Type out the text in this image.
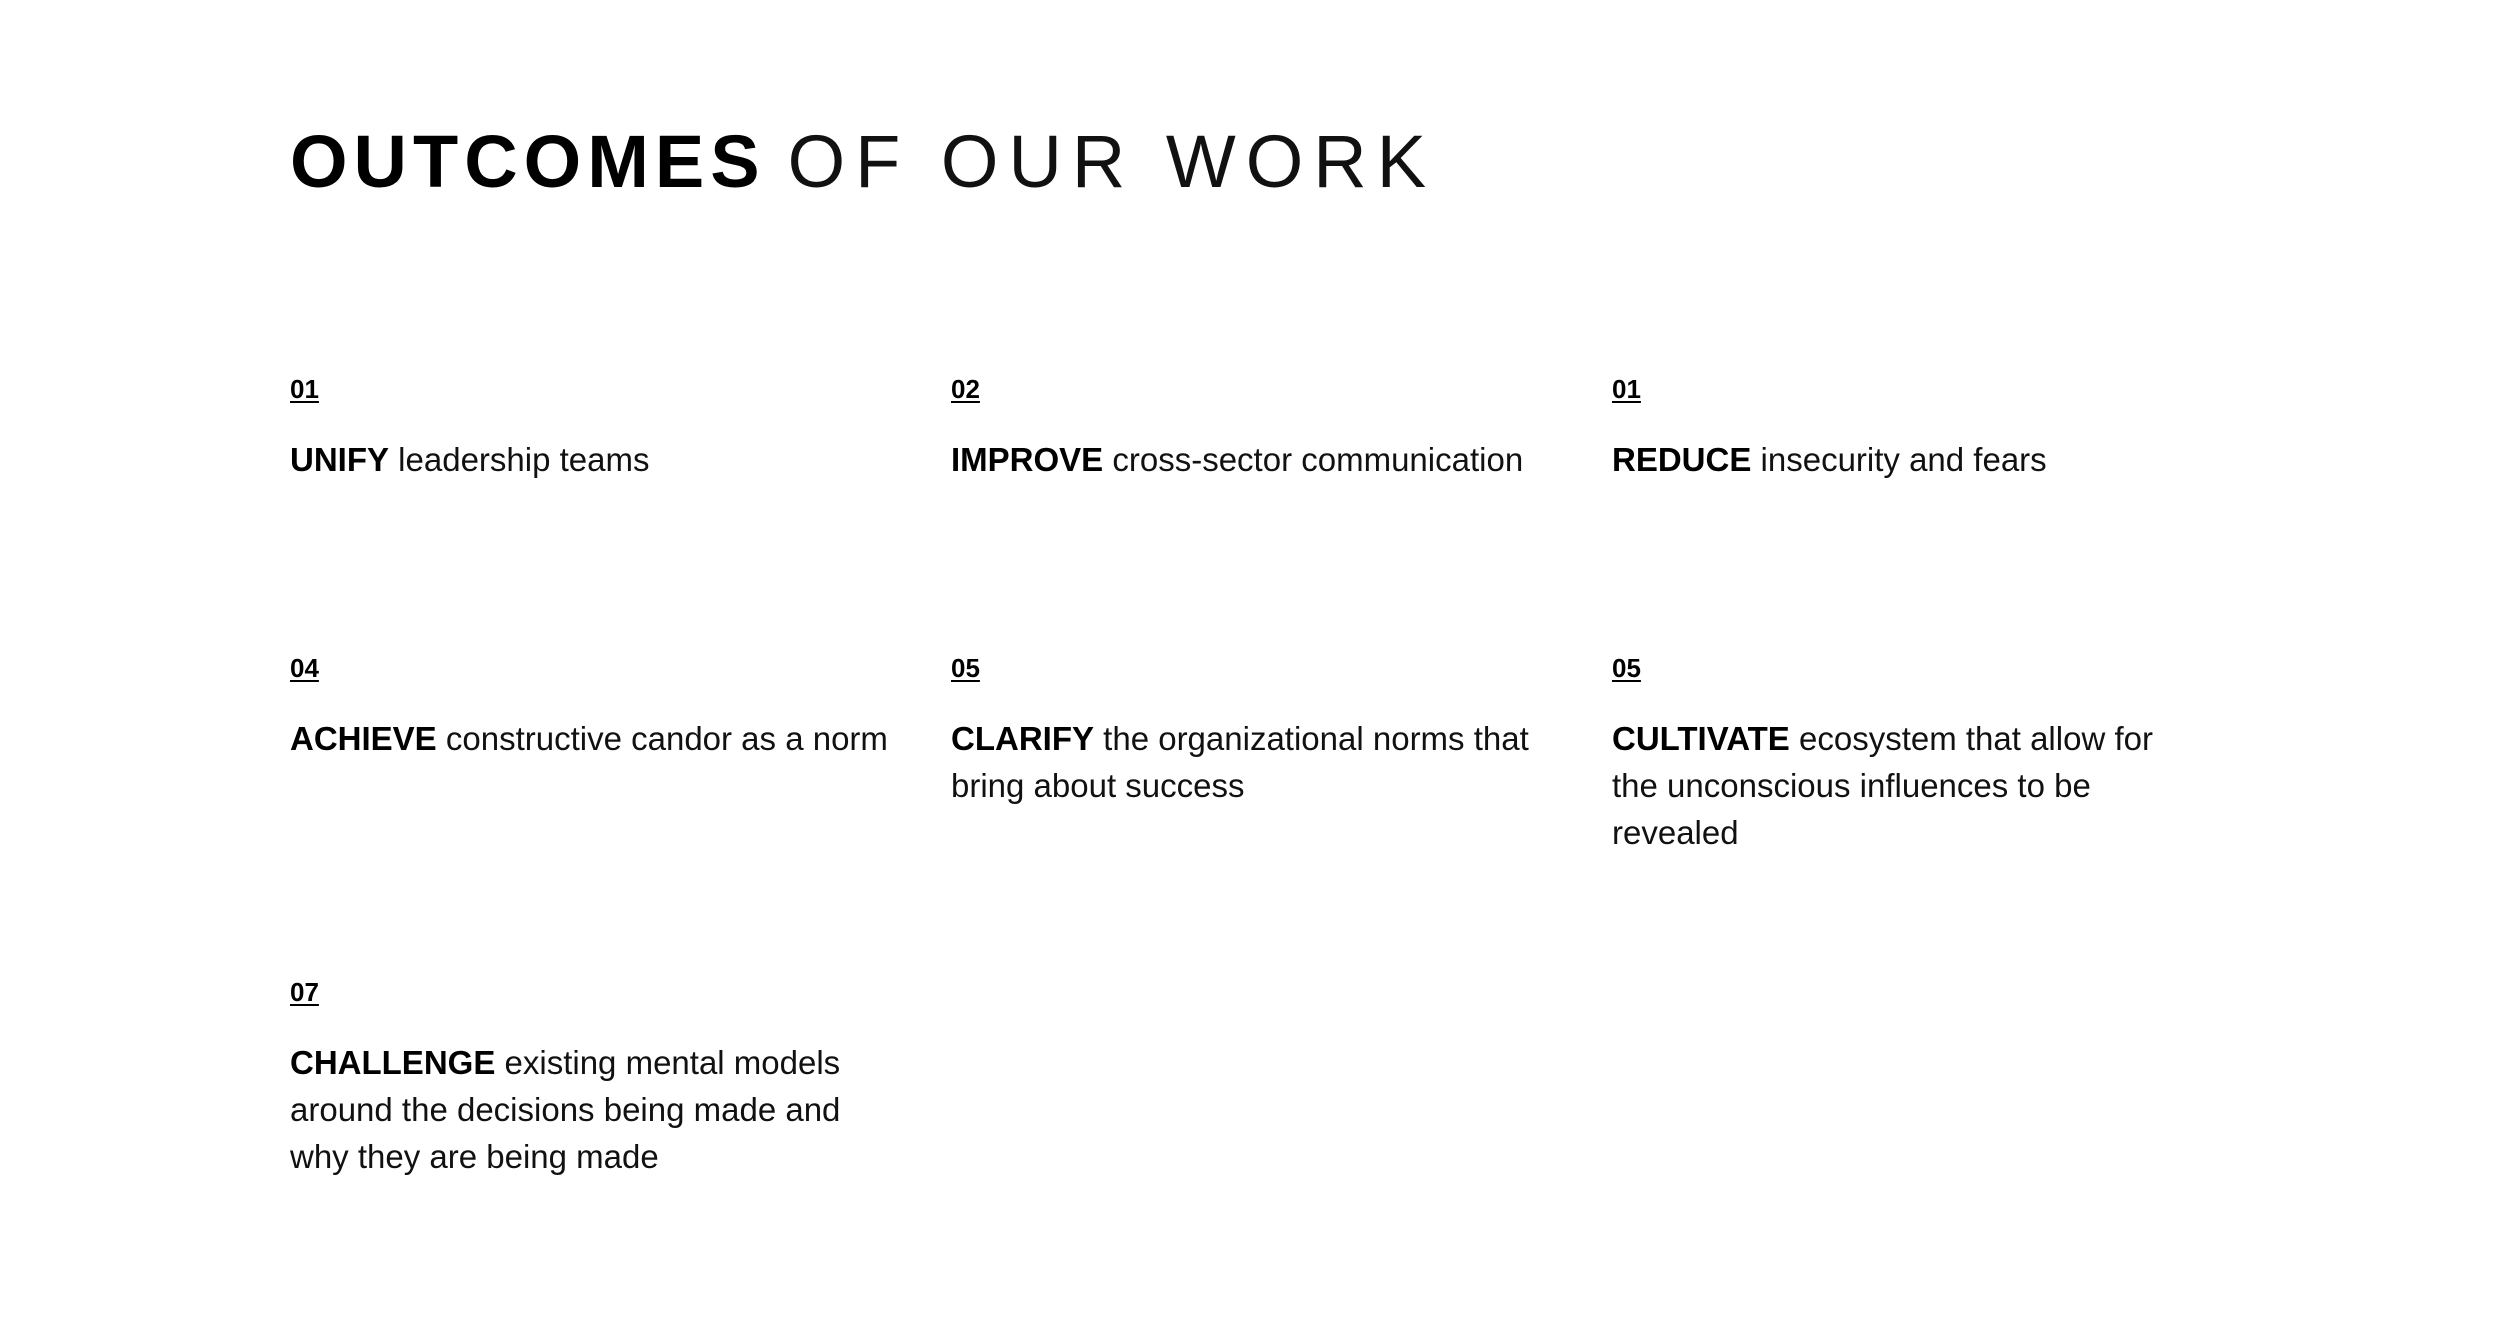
OUTCOMES OF OUR WORK
01
UNIFY leadership teams
02
IMPROVE cross-sector communication
01
REDUCE insecurity and fears
04
ACHIEVE constructive candor as a norm
05
CLARIFY the organizational norms that bring about success
05
CULTIVATE ecosystem that allow for the unconscious influences to be revealed
07
CHALLENGE existing mental models around the decisions being made and why they are being made
